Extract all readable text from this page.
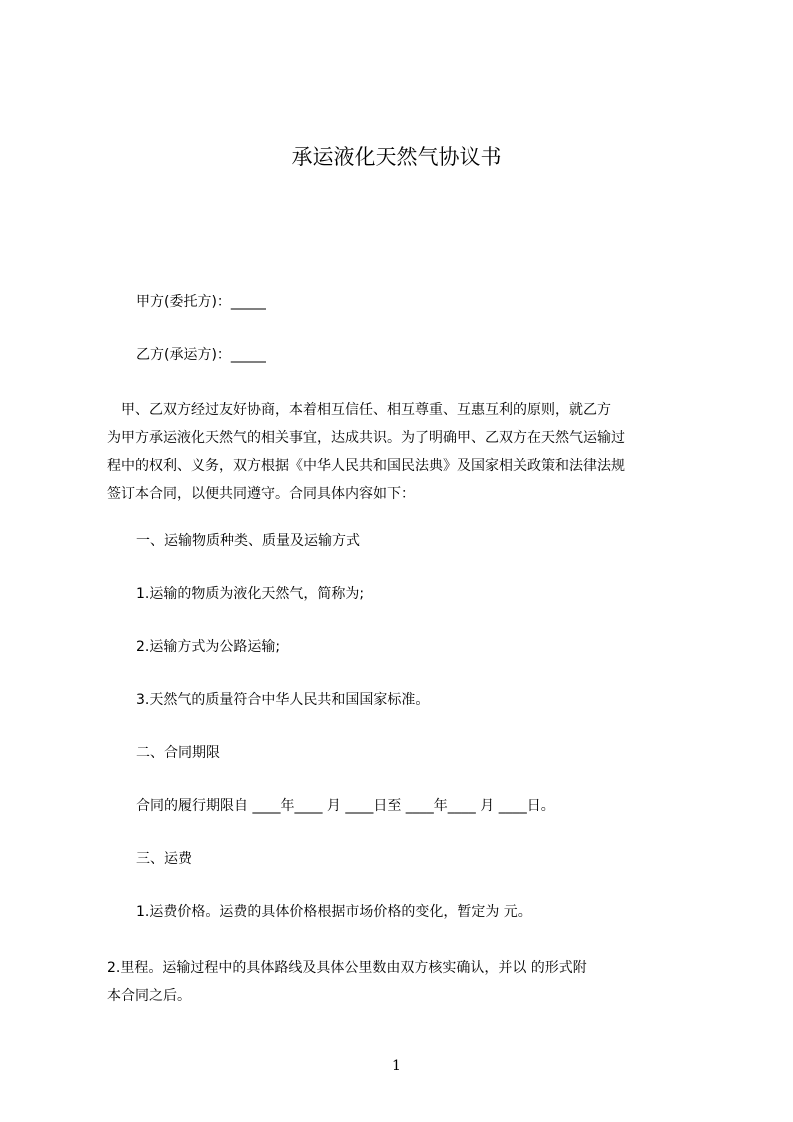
承运液化天然气协议书
甲方(委托方)：_____
乙方(承运方)：_____
　甲、乙双方经过友好协商，本着相互信任、相互尊重、互惠互利的原则，就乙方
为甲方承运液化天然气的相关事宜，达成共识。为了明确甲、乙双方在天然气运输过
程中的权利、义务，双方根据《中华人民共和国民法典》及国家相关政策和法律法规
签订本合同，以便共同遵守。合同具体内容如下：
一、运输物质种类、质量及运输方式
1.运输的物质为液化天然气，简称为;
2.运输方式为公路运输;
3.天然气的质量符合中华人民共和国国家标准。
二、合同期限
合同的履行期限自 ____年____ 月 ____日至 ____年____ 月 ____日。
三、运费
1.运费价格。运费的具体价格根据市场价格的变化，暂定为 元。
2.里程。运输过程中的具体路线及具体公里数由双方核实确认，并以 的形式附
本合同之后。
1
